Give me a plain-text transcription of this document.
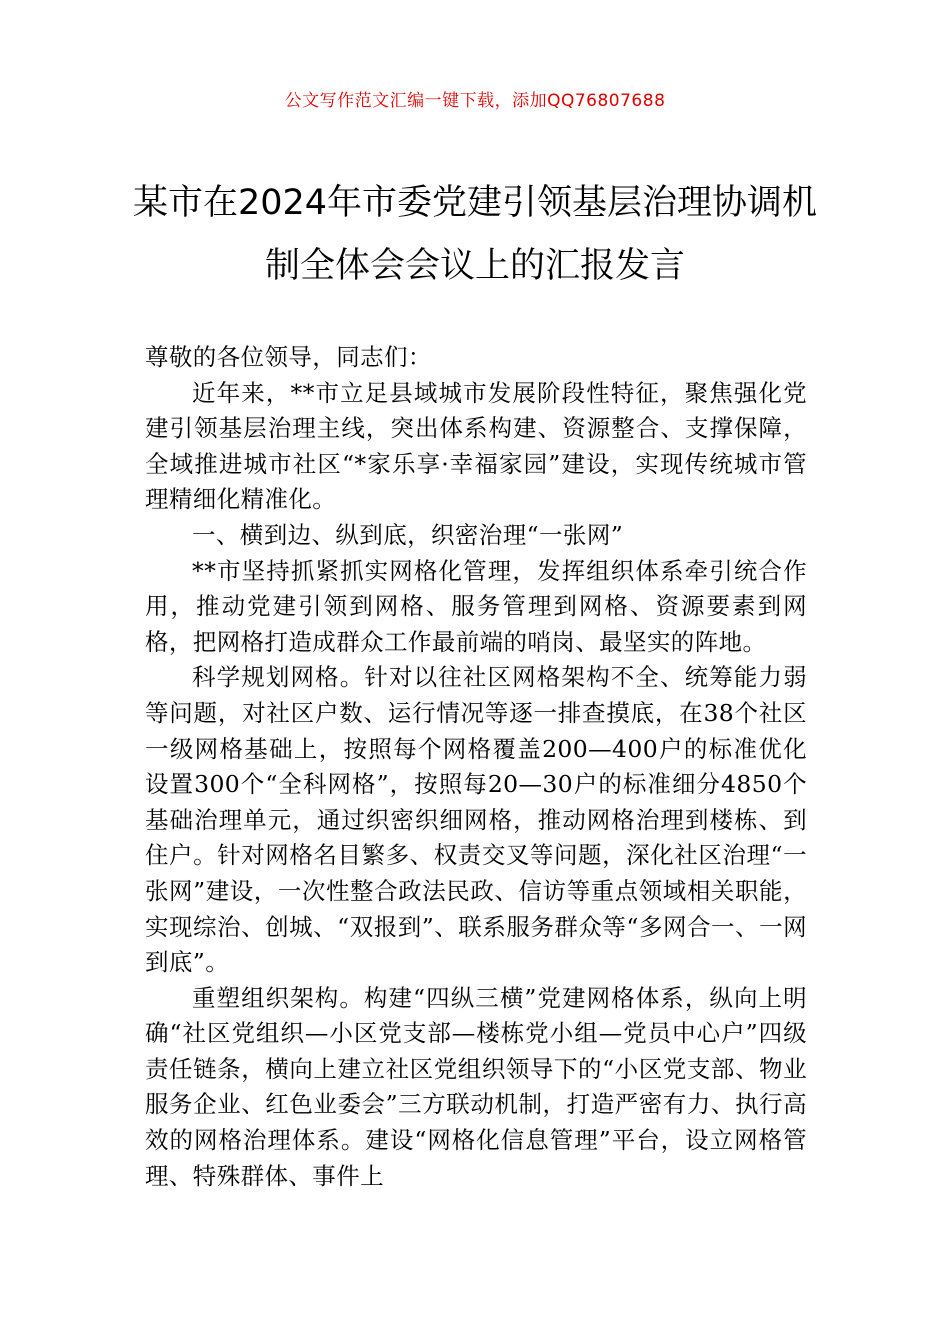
公文写作范文汇编一键下载，添加QQ76807688
某市在2024年市委党建引领基层治理协调机制全体会会议上的汇报发言

尊敬的各位领导，同志们：

近年来，**市立足县域城市发展阶段性特征，聚焦强化党建引领基层治理主线，突出体系构建、资源整合、支撑保障，全域推进城市社区“*家乐享·幸福家园”建设，实现传统城市管理精细化精准化。

一、横到边、纵到底，织密治理“一张网”

**市坚持抓紧抓实网格化管理，发挥组织体系牵引统合作用，推动党建引领到网格、服务管理到网格、资源要素到网格，把网格打造成群众工作最前端的哨岗、最坚实的阵地。

科学规划网格。针对以往社区网格架构不全、统筹能力弱等问题，对社区户数、运行情况等逐一排查摸底，在38个社区一级网格基础上，按照每个网格覆盖200—400户的标准优化设置300个“全科网格”，按照每20—30户的标准细分4850个基础治理单元，通过织密织细网格，推动网格治理到楼栋、到住户。针对网格名目繁多、权责交叉等问题，深化社区治理“一张网”建设，一次性整合政法民政、信访等重点领域相关职能，实现综治、创城、“双报到”、联系服务群众等“多网合一、一网到底”。

重塑组织架构。构建“四纵三横”党建网格体系，纵向上明确“社区党组织—小区党支部—楼栋党小组—党员中心户”四级责任链条，横向上建立社区党组织领导下的“小区党支部、物业服务企业、红色业委会”三方联动机制，打造严密有力、执行高效的网格治理体系。建设“网格化信息管理”平台，设立网格管理、特殊群体、事件上
